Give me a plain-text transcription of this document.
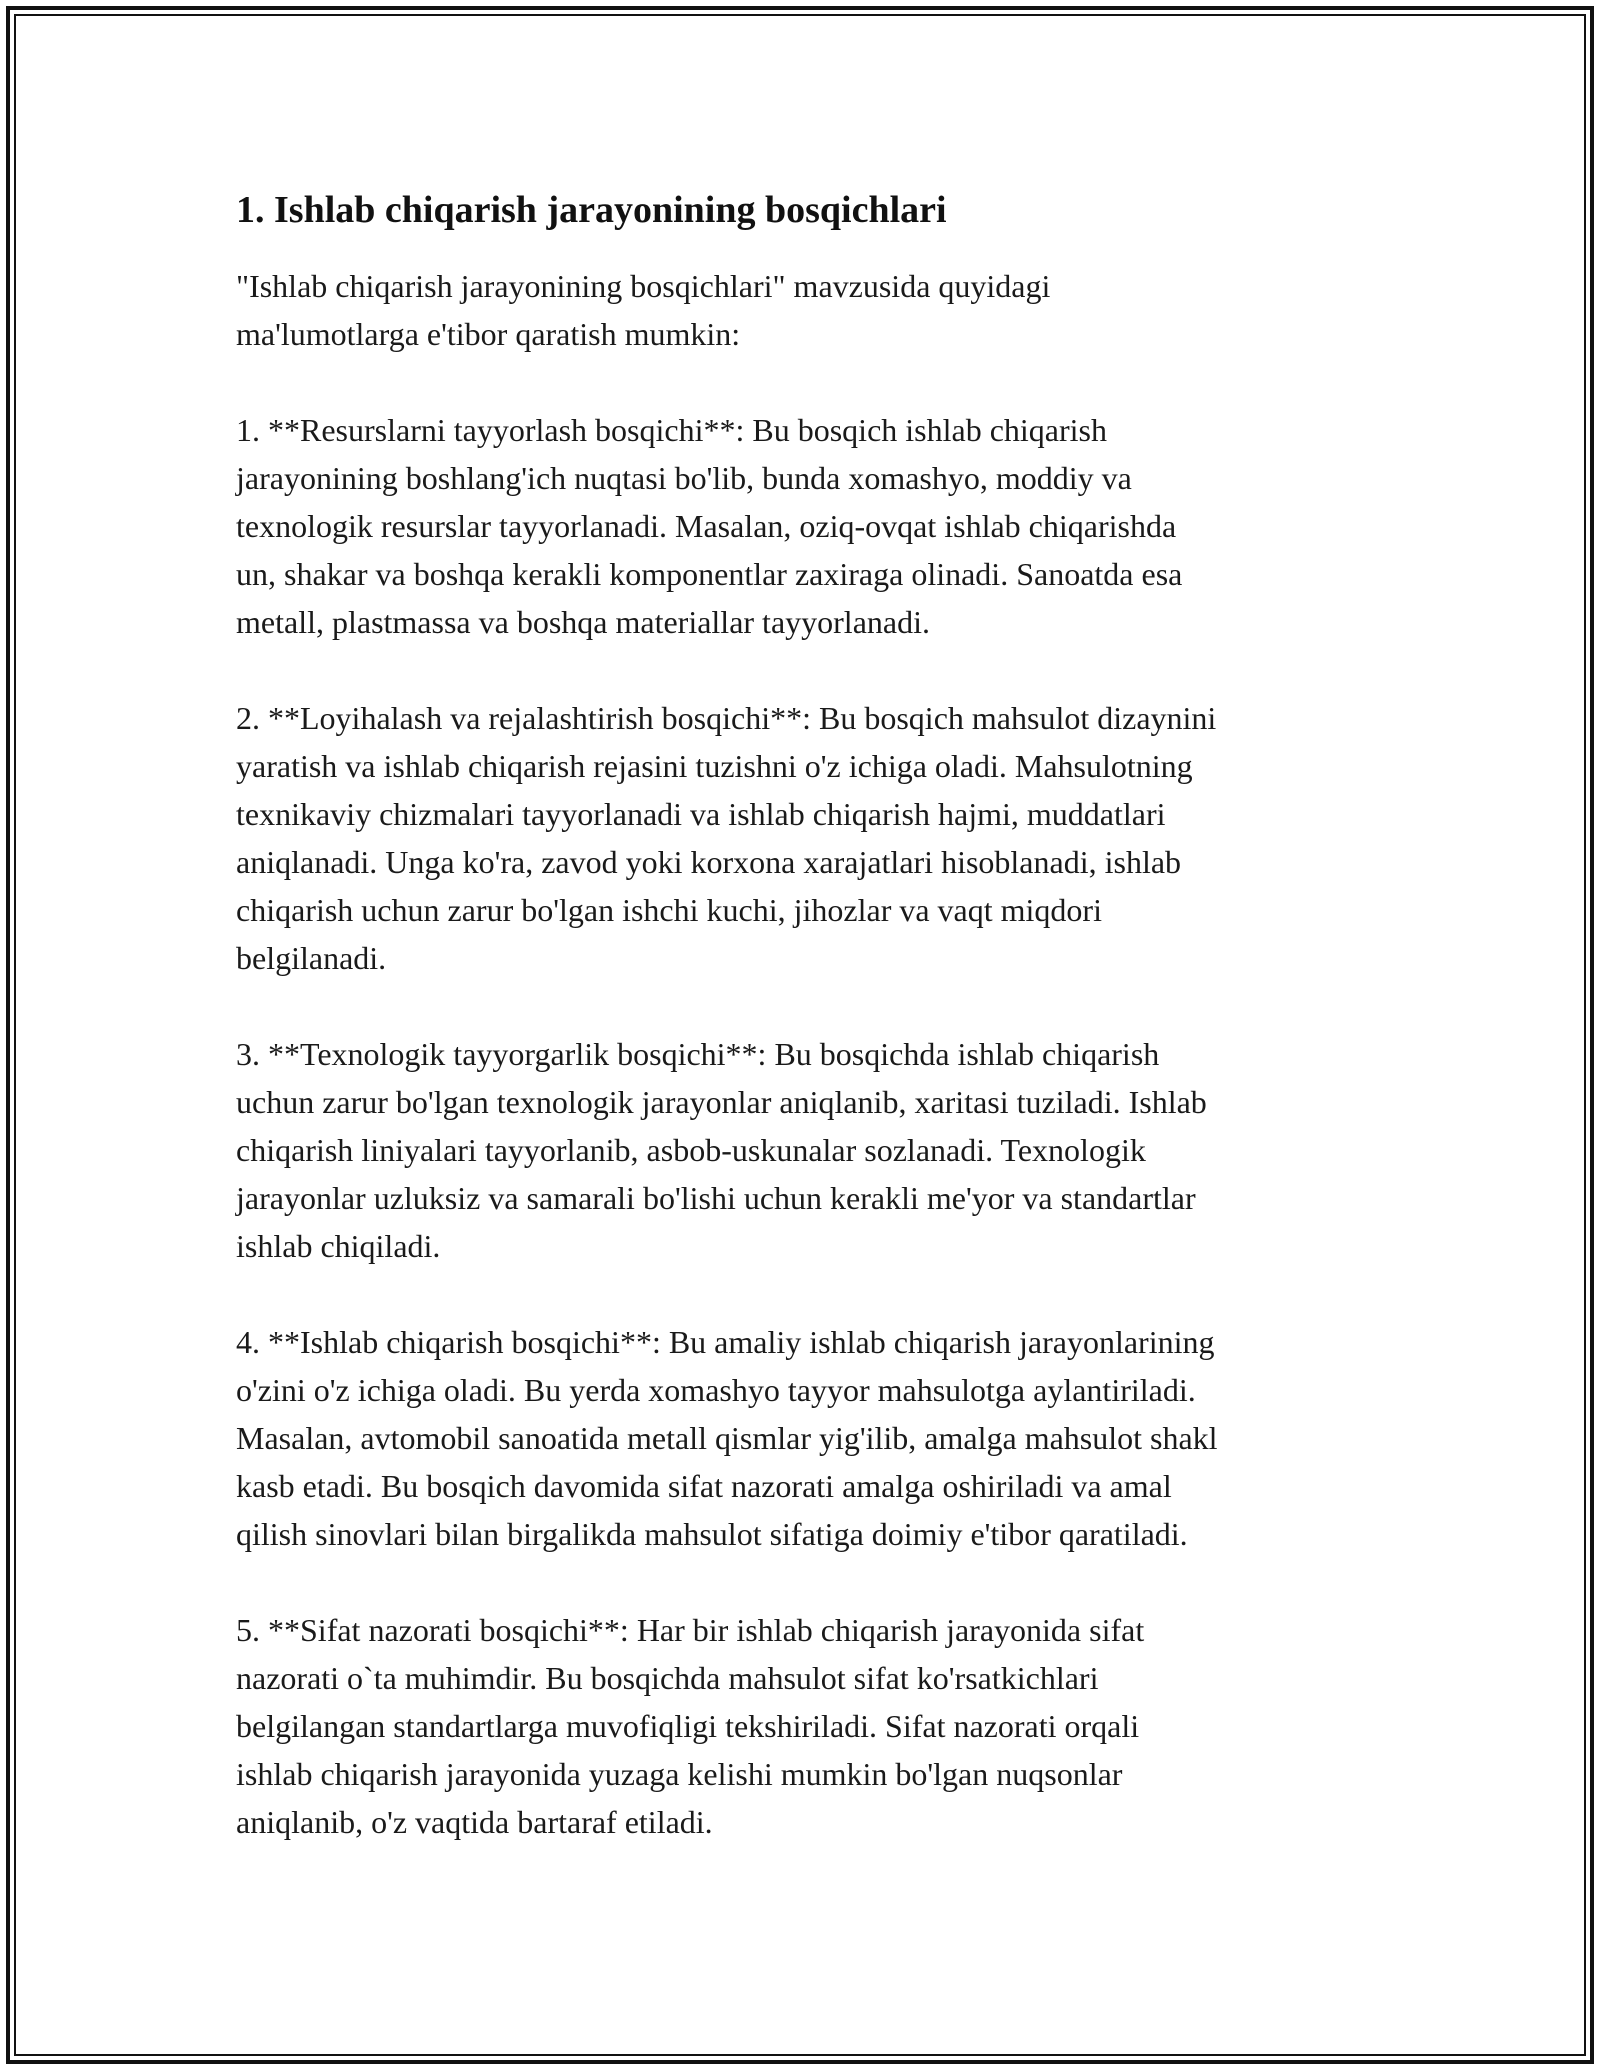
1. Ishlab chiqarish jarayonining bosqichlari

"Ishlab chiqarish jarayonining bosqichlari" mavzusida quyidagi
ma'lumotlarga e'tibor qaratish mumkin:

1. **Resurslarni tayyorlash bosqichi**: Bu bosqich ishlab chiqarish
jarayonining boshlang'ich nuqtasi bo'lib, bunda xomashyo, moddiy va
texnologik resurslar tayyorlanadi. Masalan, oziq-ovqat ishlab chiqarishda
un, shakar va boshqa kerakli komponentlar zaxiraga olinadi. Sanoatda esa
metall, plastmassa va boshqa materiallar tayyorlanadi.

2. **Loyihalash va rejalashtirish bosqichi**: Bu bosqich mahsulot dizaynini
yaratish va ishlab chiqarish rejasini tuzishni o'z ichiga oladi. Mahsulotning
texnikaviy chizmalari tayyorlanadi va ishlab chiqarish hajmi, muddatlari
aniqlanadi. Unga ko'ra, zavod yoki korxona xarajatlari hisoblanadi, ishlab
chiqarish uchun zarur bo'lgan ishchi kuchi, jihozlar va vaqt miqdori
belgilanadi.

3. **Texnologik tayyorgarlik bosqichi**: Bu bosqichda ishlab chiqarish
uchun zarur bo'lgan texnologik jarayonlar aniqlanib, xaritasi tuziladi. Ishlab
chiqarish liniyalari tayyorlanib, asbob-uskunalar sozlanadi. Texnologik
jarayonlar uzluksiz va samarali bo'lishi uchun kerakli me'yor va standartlar
ishlab chiqiladi.

4. **Ishlab chiqarish bosqichi**: Bu amaliy ishlab chiqarish jarayonlarining
o'zini o'z ichiga oladi. Bu yerda xomashyo tayyor mahsulotga aylantiriladi.
Masalan, avtomobil sanoatida metall qismlar yig'ilib, amalga mahsulot shakl
kasb etadi. Bu bosqich davomida sifat nazorati amalga oshiriladi va amal
qilish sinovlari bilan birgalikda mahsulot sifatiga doimiy e'tibor qaratiladi.

5. **Sifat nazorati bosqichi**: Har bir ishlab chiqarish jarayonida sifat
nazorati o`ta muhimdir. Bu bosqichda mahsulot sifat ko'rsatkichlari
belgilangan standartlarga muvofiqligi tekshiriladi. Sifat nazorati orqali
ishlab chiqarish jarayonida yuzaga kelishi mumkin bo'lgan nuqsonlar
aniqlanib, o'z vaqtida bartaraf etiladi.
